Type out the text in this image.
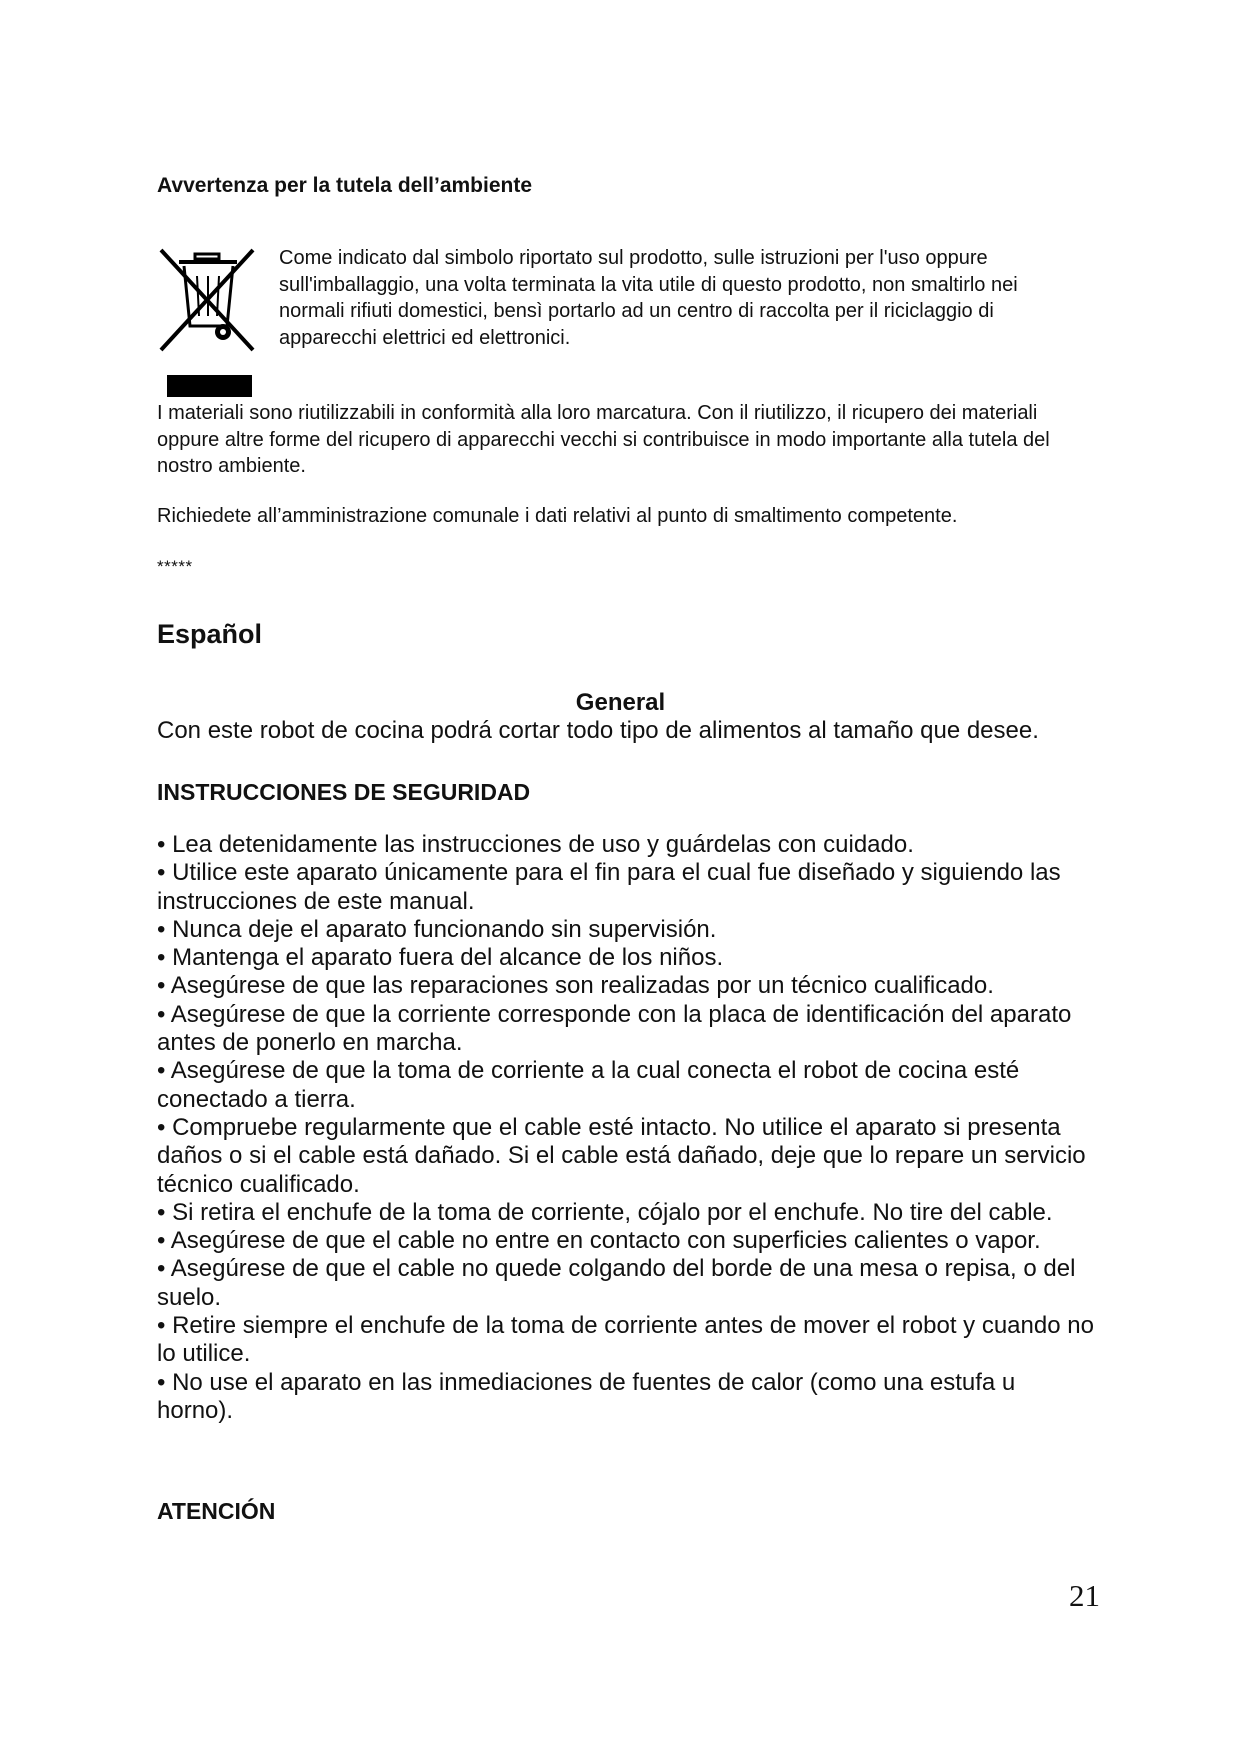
Avvertenza per la tutela dell’ambiente
Come indicato dal simbolo riportato sul prodotto, sulle istruzioni per l'uso oppure sull'imballaggio, una volta terminata la vita utile di questo prodotto, non smaltirlo nei normali rifiuti domestici, bensì portarlo ad un centro di raccolta per il riciclaggio di apparecchi elettrici ed elettronici.
I materiali sono riutilizzabili in conformità alla loro marcatura. Con il riutilizzo, il ricupero dei materiali oppure altre forme del ricupero di apparecchi vecchi si contribuisce in modo importante alla tutela del nostro ambiente.
Richiedete all’amministrazione comunale i dati relativi al punto di smaltimento competente.
*****
Español
General
Con este robot de cocina podrá cortar todo tipo de alimentos al tamaño que desee.
INSTRUCCIONES DE SEGURIDAD
• Lea detenidamente las instrucciones de uso y guárdelas con cuidado.
• Utilice este aparato únicamente para el fin para el cual fue diseñado y siguiendo las instrucciones de este manual.
• Nunca deje el aparato funcionando sin supervisión.
• Mantenga el aparato fuera del alcance de los niños.
• Asegúrese de que las reparaciones son realizadas por un técnico cualificado.
• Asegúrese de que la corriente corresponde con la placa de identificación del aparato antes de ponerlo en marcha.
• Asegúrese de que la toma de corriente a la cual conecta el robot de cocina esté conectado a tierra.
• Compruebe regularmente que el cable esté intacto. No utilice el aparato si presenta daños o si el cable está dañado. Si el cable está dañado, deje que lo repare un servicio técnico cualificado.
• Si retira el enchufe de la toma de corriente, cójalo por el enchufe. No tire del cable.
• Asegúrese de que el cable no entre en contacto con superficies calientes o vapor.
• Asegúrese de que el cable no quede colgando del borde de una mesa o repisa, o del suelo.
• Retire siempre el enchufe de la toma de corriente antes de mover el robot y cuando no lo utilice.
• No use el aparato en las inmediaciones de fuentes de calor (como una estufa u horno).
ATENCIÓN
21
